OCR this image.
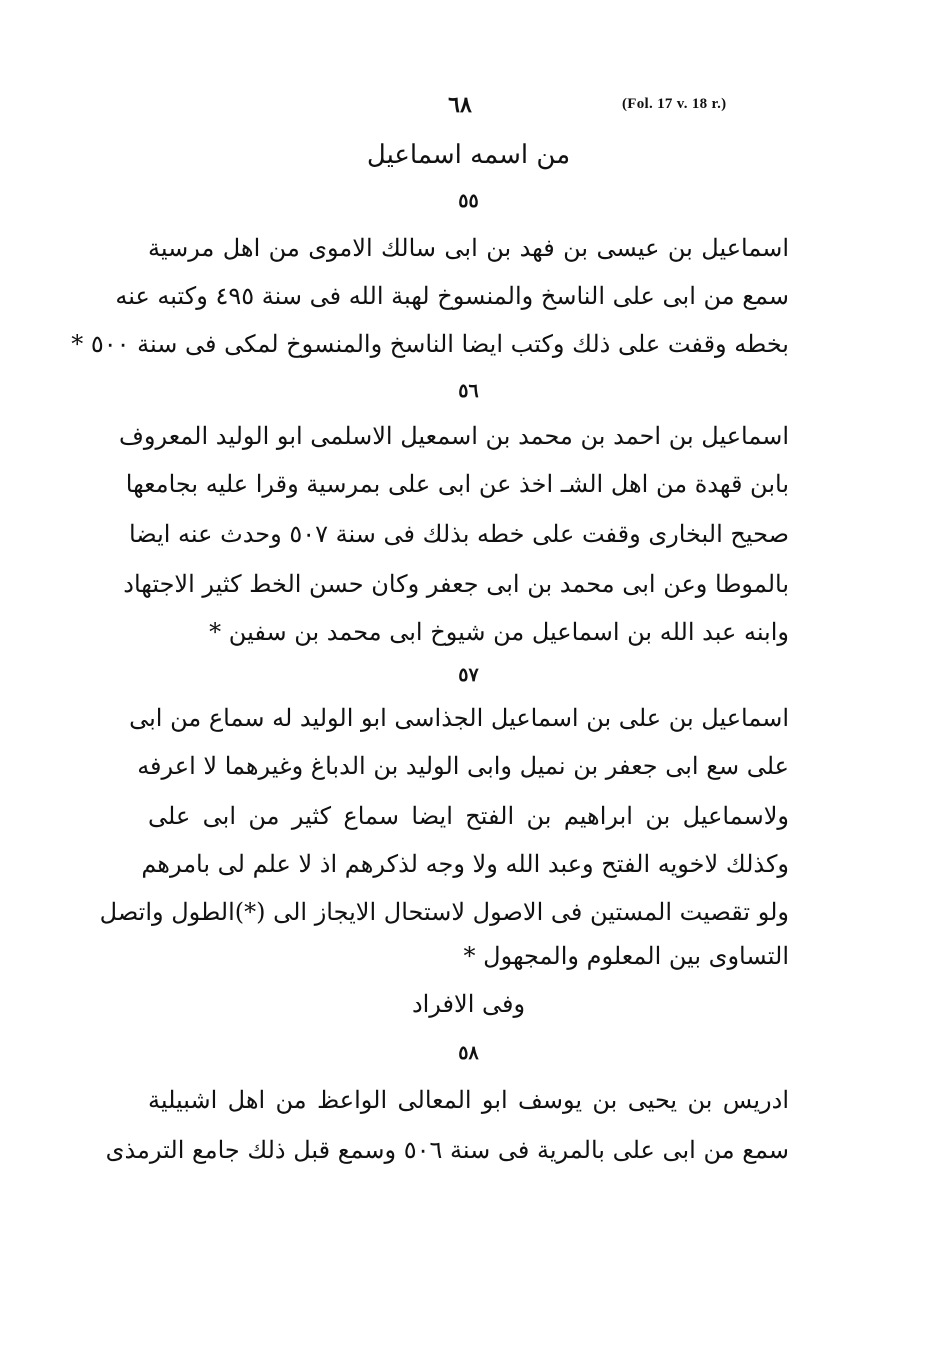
(Fol. 17 v. 18 r.)
٦٨
من اسمه اسماعيل
٥٥
اسماعيل بن عيسى بن فهد بن ابى سالك الاموى من اهل مرسية
سمع من ابى على الناسخ والمنسوخ لهبة الله فى سنة ٤٩٥ وكتبه عنه
بخطه وقفت على ذلك وكتب ايضا الناسخ والمنسوخ لمكى فى سنة ٥٠٠ *
٥٦
اسماعيل بن احمد بن محمد بن اسمعيل الاسلمى ابو الوليد المعروف
بابن قهدة من اهل الشـ اخذ عن ابى على بمرسية وقرا عليه بجامعها
صحيح البخارى وقفت على خطه بذلك فى سنة ٥٠٧ وحدث عنه ايضا
بالموطا وعن ابى محمد بن ابى جعفر وكان حسن الخط كثير الاجتهاد
وابنه عبد الله بن اسماعيل من شيوخ ابى محمد بن سفين *
٥٧
اسماعيل بن على بن اسماعيل الجذاسى ابو الوليد له سماع من ابى
على سع ابى جعفر بن نميل وابى الوليد بن الدباغ وغيرهما لا اعرفه
ولاسماعيل بن ابراهيم بن الفتح ايضا سماع كثير من ابى على
وكذلك لاخويه الفتح وعبد الله ولا وجه لذكرهم اذ لا علم لى بامرهم
ولو تقصيت المستين فى الاصول لاستحال الايجاز الى (*)الطول واتصل
التساوى بين المعلوم والمجهول *
وفى الافراد
٥٨
ادريس بن يحيى بن يوسف ابو المعالى الواعظ من اهل اشبيلية
سمع من ابى على بالمرية فى سنة ٥٠٦ وسمع قبل ذلك جامع الترمذى
